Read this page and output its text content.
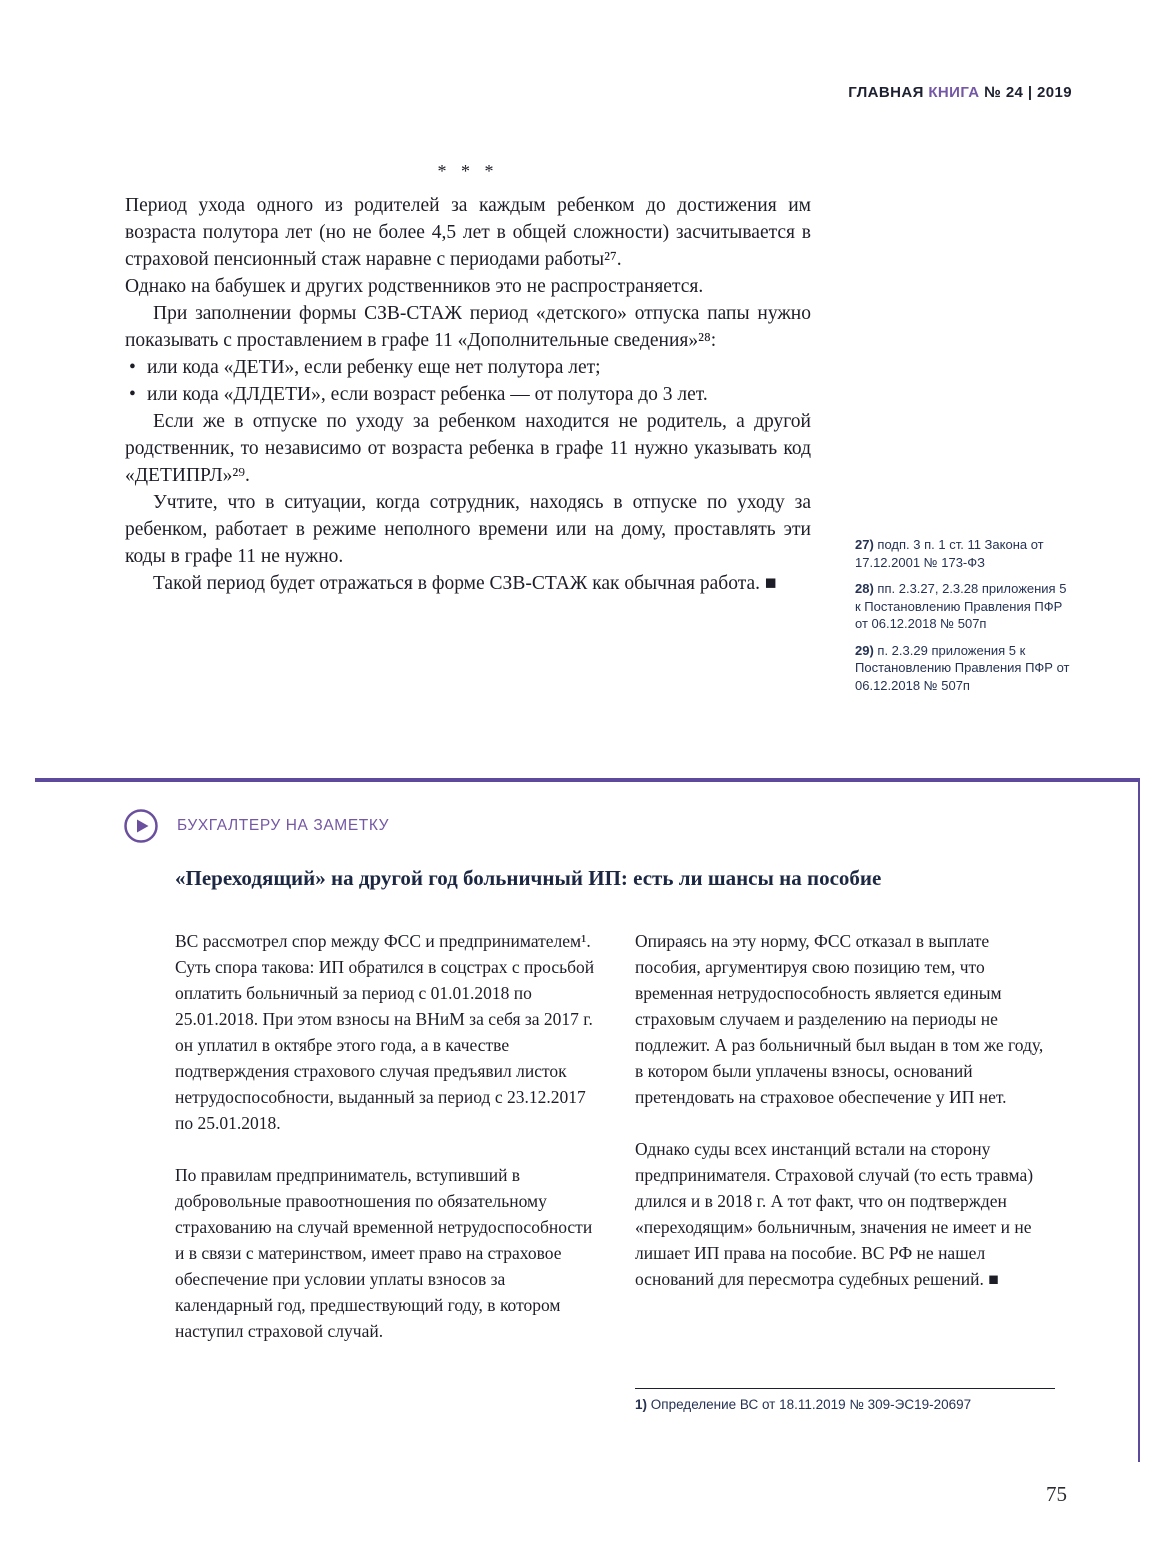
ГЛАВНАЯ КНИГА № 24 | 2019
* * *

Период ухода одного из родителей за каждым ребенком до достижения им возраста полутора лет (но не более 4,5 лет в общей сложности) засчитывается в страховой пенсионный стаж наравне с периодами работы²⁷.

Однако на бабушек и других родственников это не распространяется.

При заполнении формы СЗВ-СТАЖ период «детского» отпуска папы нужно показывать с проставлением в графе 11 «Дополнительные сведения»²⁸:

• или кода «ДЕТИ», если ребенку еще нет полутора лет;

• или кода «ДЛДЕТИ», если возраст ребенка — от полутора до 3 лет.

Если же в отпуске по уходу за ребенком находится не родитель, а другой родственник, то независимо от возраста ребенка в графе 11 нужно указывать код «ДЕТИПРЛ»²⁹.

Учтите, что в ситуации, когда сотрудник, находясь в отпуске по уходу за ребенком, работает в режиме неполного времени или на дому, проставлять эти коды в графе 11 не нужно.

Такой период будет отражаться в форме СЗВ-СТАЖ как обычная работа. ■

27) подп. 3 п. 1 ст. 11 Закона от 17.12.2001 № 173-ФЗ

28) пп. 2.3.27, 2.3.28 приложения 5 к Постановлению Правления ПФР от 06.12.2018 № 507п

29) п. 2.3.29 приложения 5 к Постановлению Правления ПФР от 06.12.2018 № 507п

БУХГАЛТЕРУ НА ЗАМЕТКУ
«Переходящий» на другой год больничный ИП: есть ли шансы на пособие

ВС рассмотрел спор между ФСС и предпринимателем¹. Суть спора такова: ИП обратился в соцстрах с просьбой оплатить больничный за период с 01.01.2018 по 25.01.2018. При этом взносы на ВНиМ за себя за 2017 г. он уплатил в октябре этого года, а в качестве подтверждения страхового случая предъявил листок нетрудоспособности, выданный за период с 23.12.2017 по 25.01.2018.

По правилам предприниматель, вступивший в добровольные правоотношения по обязательному страхованию на случай временной нетрудоспособности и в связи с материнством, имеет право на страховое обеспечение при условии уплаты взносов за календарный год, предшествующий году, в котором наступил страховой случай.

Опираясь на эту норму, ФСС отказал в выплате пособия, аргументируя свою позицию тем, что временная нетрудоспособность является единым страховым случаем и разделению на периоды не подлежит. А раз больничный был выдан в том же году, в котором были уплачены взносы, оснований претендовать на страховое обеспечение у ИП нет.

Однако суды всех инстанций встали на сторону предпринимателя. Страховой случай (то есть травма) длился и в 2018 г. А тот факт, что он подтвержден «переходящим» больничным, значения не имеет и не лишает ИП права на пособие. ВС РФ не нашел оснований для пересмотра судебных решений. ■

1) Определение ВС от 18.11.2019 № 309-ЭС19-20697

75
